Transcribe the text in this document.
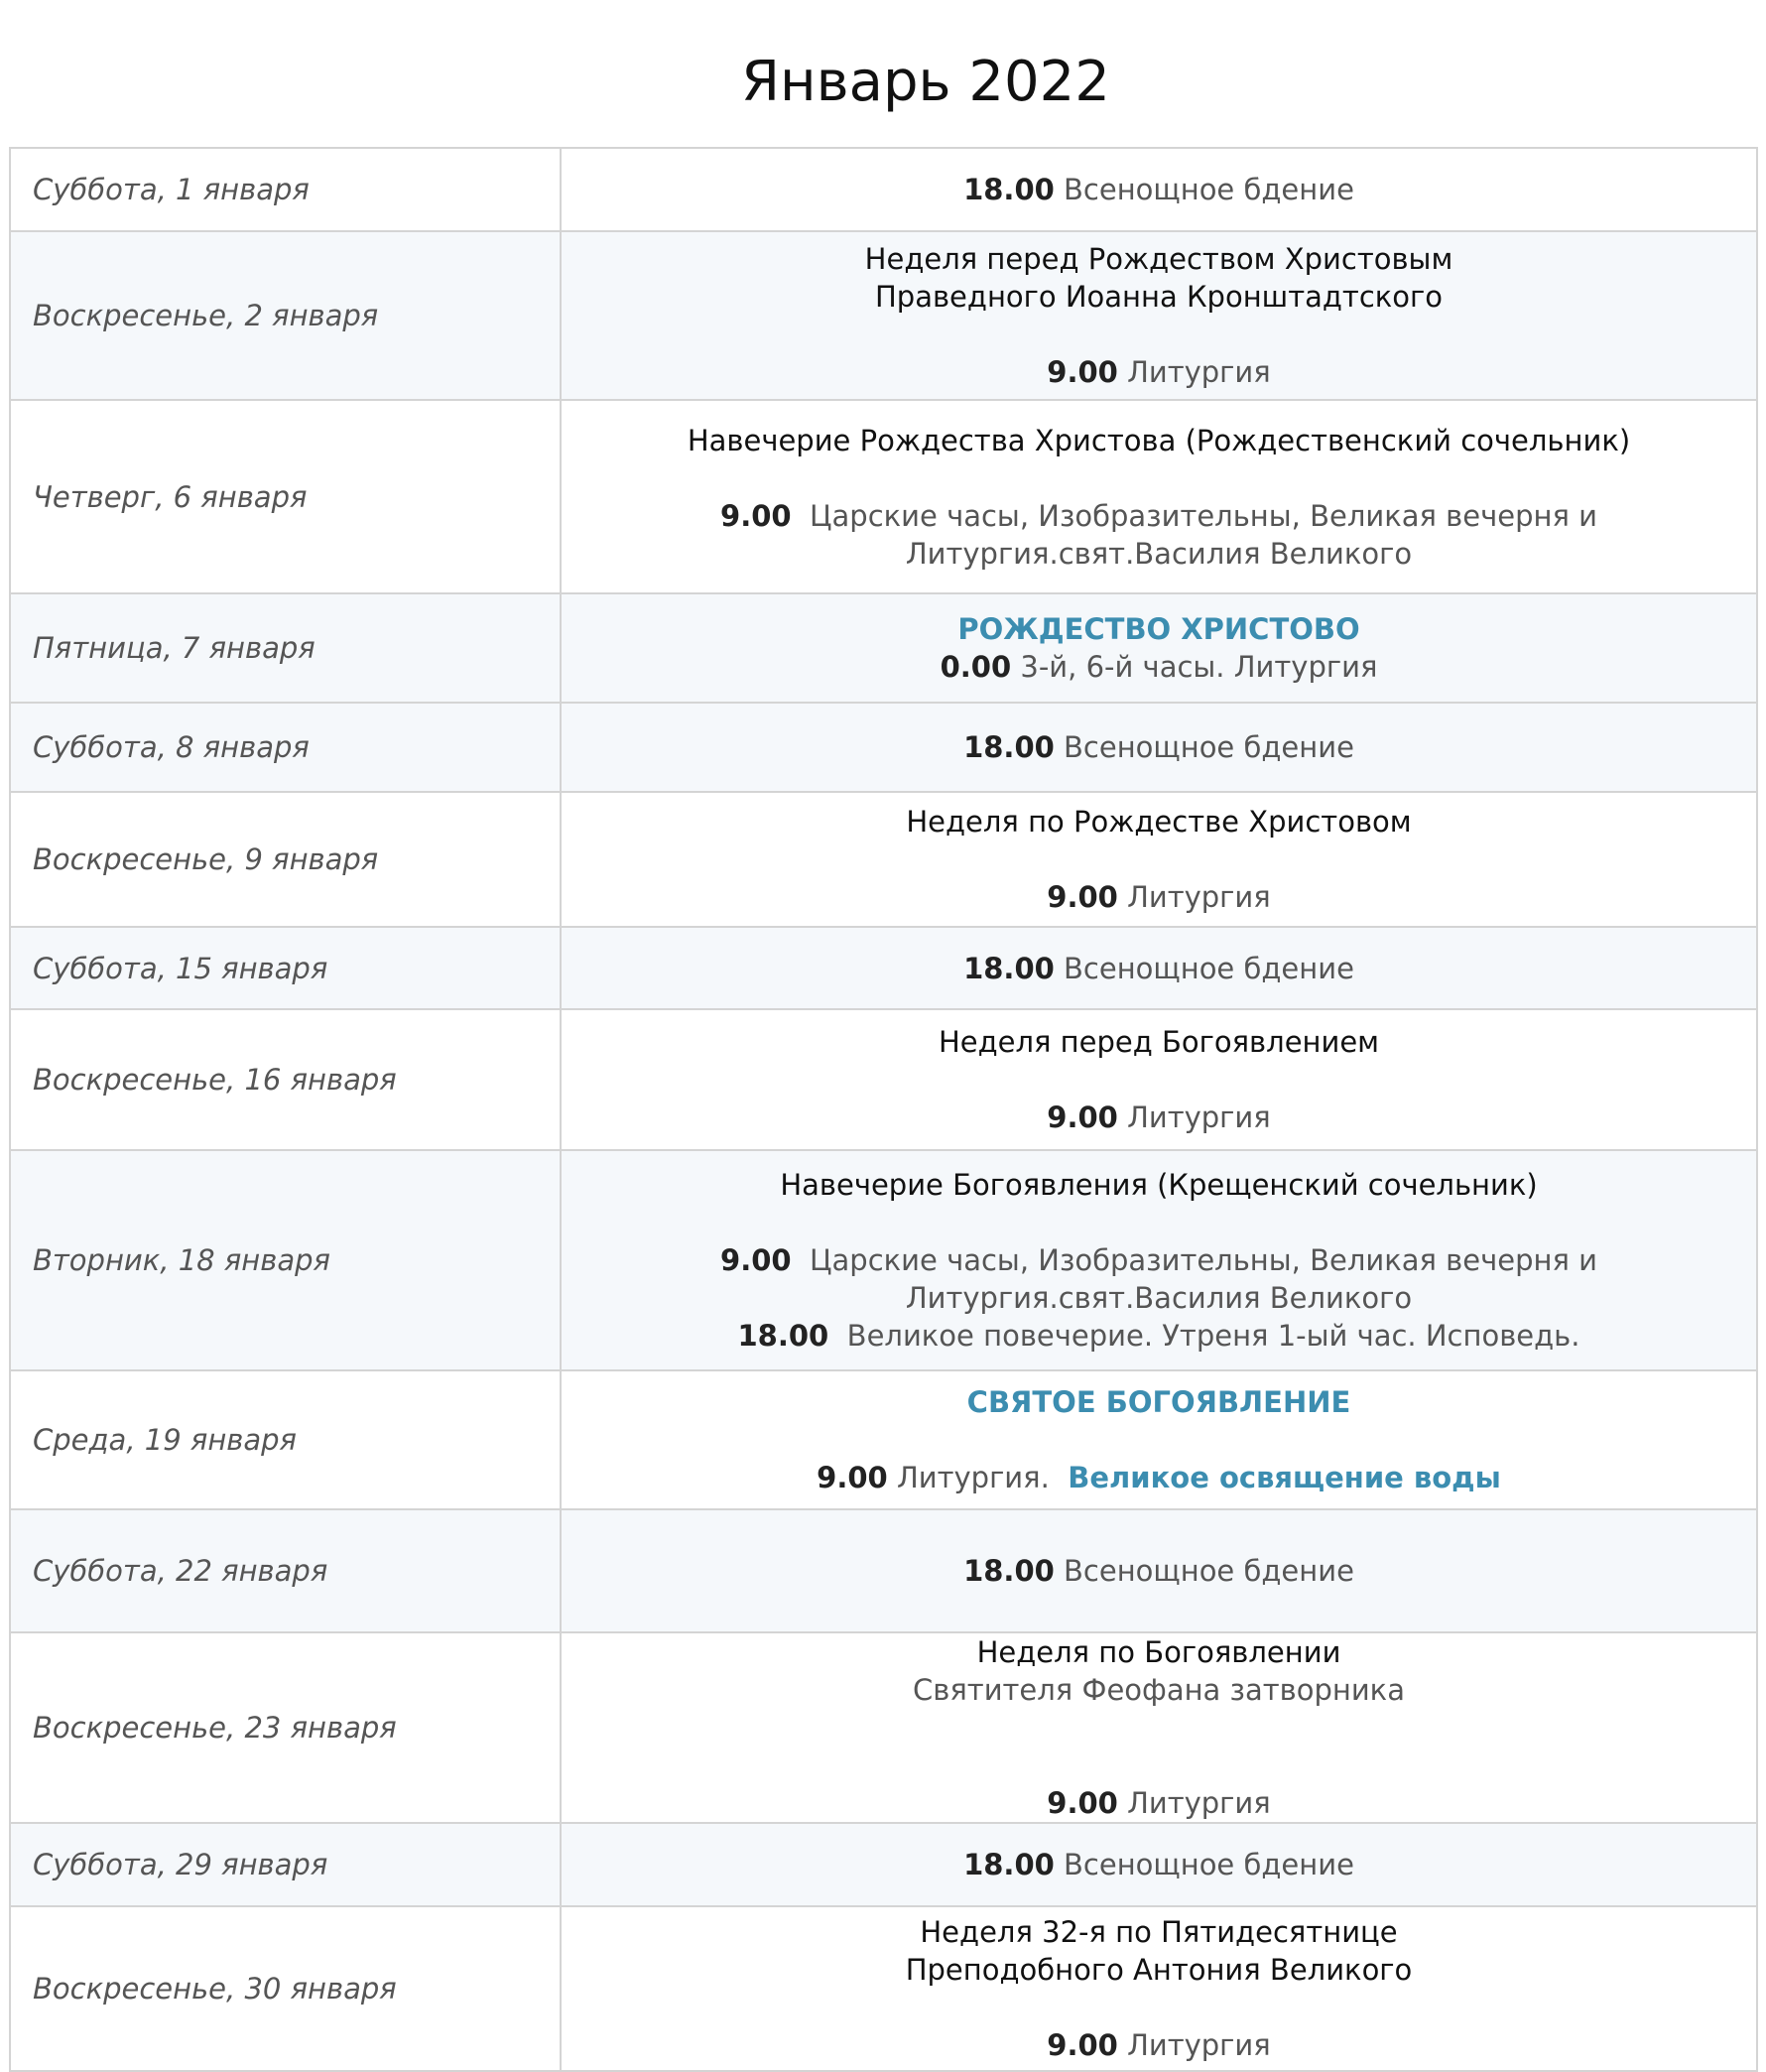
Январь 2022
Суббота, 1 января	18.00 Всенощное бдение

Воскресенье, 2 января	Неделя перед Рождеством Христовым
Праведного Иоанна Кронштадтского
9.00 Литургия

Четверг, 6 января	Навечерие Рождества Христова (Рождественский сочельник)
9.00 Царские часы, Изобразительны, Великая вечерня и
Литургия.свят.Василия Великого

Пятница, 7 января	РОЖДЕСТВО ХРИСТОВО
0.00 3-й, 6-й часы. Литургия

Суббота, 8 января	18.00 Всенощное бдение

Воскресенье, 9 января	Неделя по Рождестве Христовом
9.00 Литургия

Суббота, 15 января	18.00 Всенощное бдение

Воскресенье, 16 января	Неделя перед Богоявлением
9.00 Литургия

Вторник, 18 января	Навечерие Богоявления (Крещенский сочельник)
9.00 Царские часы, Изобразительны, Великая вечерня и
Литургия.свят.Василия Великого
18.00 Великое повечерие. Утреня 1-ый час. Исповедь.

Среда, 19 января	СВЯТОЕ БОГОЯВЛЕНИЕ
9.00 Литургия. Великое освящение воды

Суббота, 22 января	18.00 Всенощное бдение

Воскресенье, 23 января	Неделя по Богоявлении
Святителя Феофана затворника
9.00 Литургия

Суббота, 29 января	18.00 Всенощное бдение

Воскресенье, 30 января	Неделя 32-я по Пятидесятнице
Преподобного Антония Великого
9.00 Литургия
